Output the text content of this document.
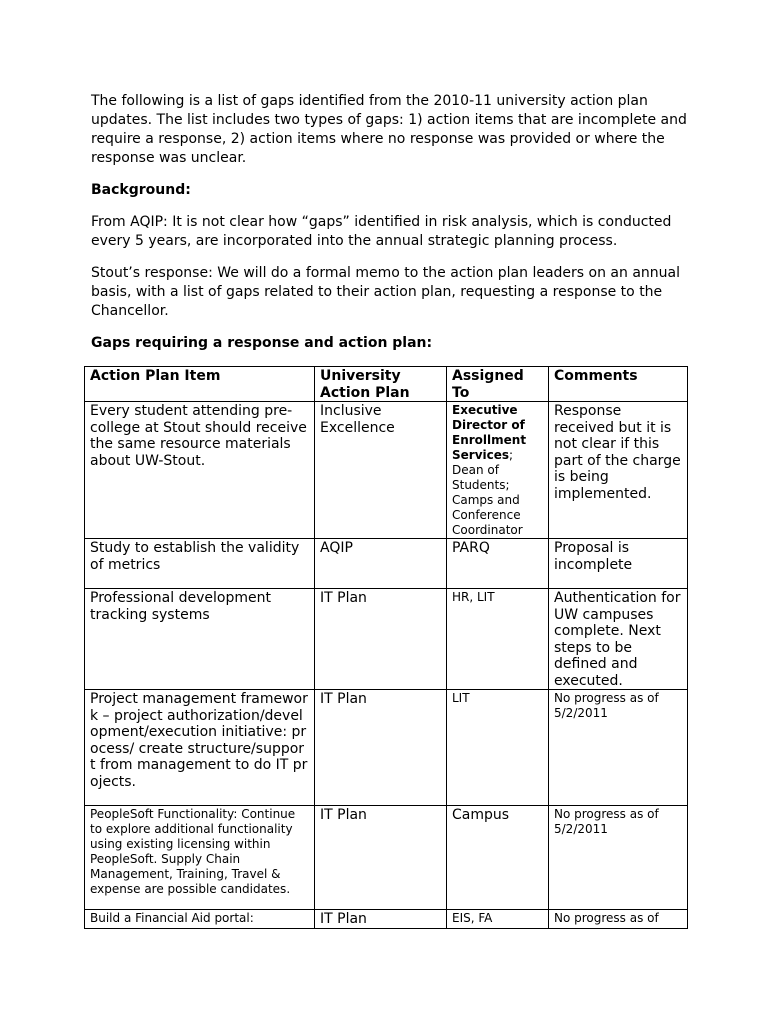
The following is a list of gaps identified from the 2010-11 university action plan updates. The list includes two types of gaps: 1) action items that are incomplete and require a response, 2) action items where no response was provided or where the response was unclear.

Background:

From AQIP: It is not clear how “gaps” identified in risk analysis, which is conducted every 5 years, are incorporated into the annual strategic planning process.

Stout’s response: We will do a formal memo to the action plan leaders on an annual basis, with a list of gaps related to their action plan, requesting a response to the Chancellor.

Gaps requiring a response and action plan:

Action Plan Item	University Action Plan	Assigned To	Comments
Every student attending pre-college at Stout should receive the same resource materials about UW-Stout.	Inclusive Excellence	Executive Director of Enrollment Services; Dean of Students; Camps and Conference Coordinator	Response received but it is not clear if this part of the charge is being implemented.
Study to establish the validity of metrics	AQIP	PARQ	Proposal is incomplete
Professional development tracking systems	IT Plan	HR, LIT	Authentication for UW campuses complete. Next steps to be defined and executed.
Project management framework – project authorization/development/execution initiative: process/ create structure/support from management to do IT projects.	IT Plan	LIT	No progress as of 5/2/2011
PeopleSoft Functionality: Continue to explore additional functionality using existing licensing within PeopleSoft. Supply Chain Management, Training, Travel & expense are possible candidates.	IT Plan	Campus	No progress as of 5/2/2011
Build a Financial Aid portal:	IT Plan	EIS, FA	No progress as of
